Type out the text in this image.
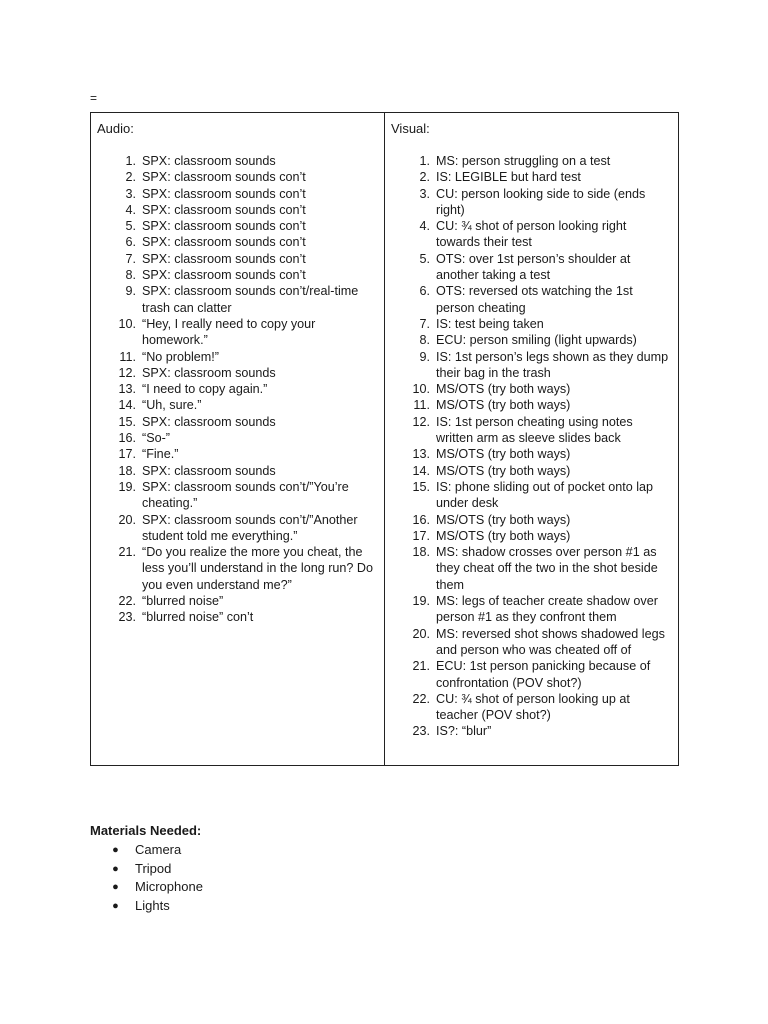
=
Audio:
1. SPX: classroom sounds
2. SPX: classroom sounds con’t
3. SPX: classroom sounds con’t
4. SPX: classroom sounds con’t
5. SPX: classroom sounds con’t
6. SPX: classroom sounds con’t
7. SPX: classroom sounds con’t
8. SPX: classroom sounds con’t
9. SPX: classroom sounds con’t/real-time trash can clatter
10. “Hey, I really need to copy your homework.”
11. “No problem!”
12. SPX: classroom sounds
13. “I need to copy again.”
14. “Uh, sure.”
15. SPX: classroom sounds
16. “So-”
17. “Fine.”
18. SPX: classroom sounds
19. SPX: classroom sounds con’t/”You’re cheating.”
20. SPX: classroom sounds con’t/”Another student told me everything.”
21. “Do you realize the more you cheat, the less you’ll understand in the long run? Do you even understand me?”
22. “blurred noise”
23. “blurred noise” con’t
Visual:
1. MS: person struggling on a test
2. IS: LEGIBLE but hard test
3. CU: person looking side to side (ends right)
4. CU: ¾ shot of person looking right towards their test
5. OTS: over 1st person’s shoulder at another taking a test
6. OTS: reversed ots watching the 1st person cheating
7. IS: test being taken
8. ECU: person smiling (light upwards)
9. IS: 1st person’s legs shown as they dump their bag in the trash
10. MS/OTS (try both ways)
11. MS/OTS (try both ways)
12. IS: 1st person cheating using notes written arm as sleeve slides back
13. MS/OTS (try both ways)
14. MS/OTS (try both ways)
15. IS: phone sliding out of pocket onto lap under desk
16. MS/OTS (try both ways)
17. MS/OTS (try both ways)
18. MS: shadow crosses over person #1 as they cheat off the two in the shot beside them
19. MS: legs of teacher create shadow over person #1 as they confront them
20. MS: reversed shot shows shadowed legs and person who was cheated off of
21. ECU: 1st person panicking because of confrontation (POV shot?)
22. CU: ¾ shot of person looking up at teacher (POV shot?)
23. IS?: “blur”
Materials Needed:
●	Camera
●	Tripod
●	Microphone
●	Lights
